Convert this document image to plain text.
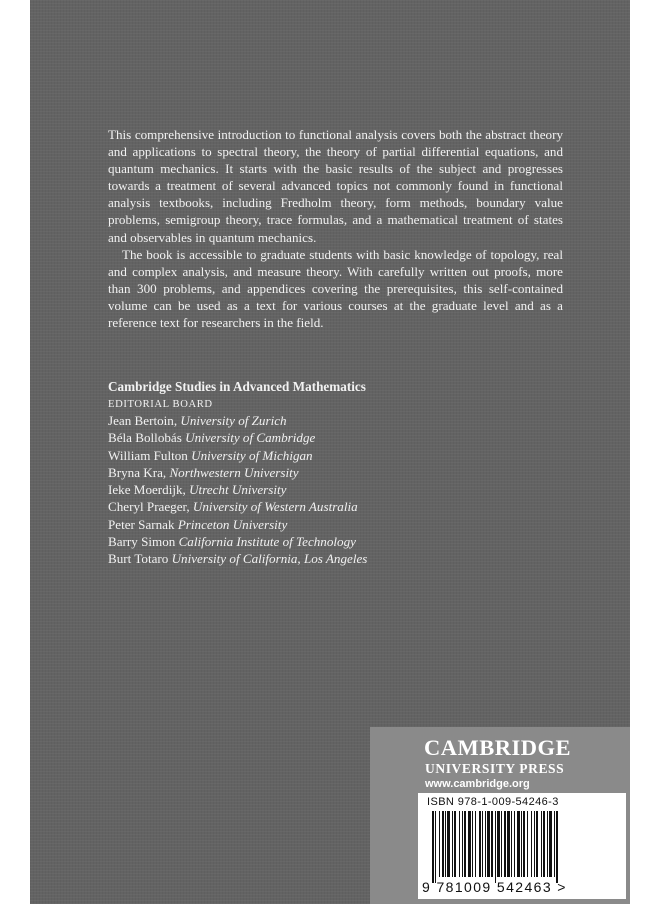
This comprehensive introduction to functional analysis covers both the abstract theory and applications to spectral theory, the theory of partial differential equations, and quantum mechanics. It starts with the basic results of the subject and progresses towards a treatment of several advanced topics not commonly found in functional analysis textbooks, including Fredholm theory, form methods, boundary value problems, semigroup theory, trace formulas, and a mathematical treatment of states and observables in quantum mechanics.

The book is accessible to graduate students with basic knowledge of topology, real and complex analysis, and measure theory. With carefully written out proofs, more than 300 problems, and appendices covering the prerequisites, this self-contained volume can be used as a text for various courses at the graduate level and as a reference text for researchers in the field.

Cambridge Studies in Advanced Mathematics
EDITORIAL BOARD
Jean Bertoin, University of Zurich
Béla Bollobás University of Cambridge
William Fulton University of Michigan
Bryna Kra, Northwestern University
Ieke Moerdijk, Utrecht University
Cheryl Praeger, University of Western Australia
Peter Sarnak Princeton University
Barry Simon California Institute of Technology
Burt Totaro University of California, Los Angeles
CAMBRIDGE
UNIVERSITY PRESS
www.cambridge.org
ISBN 978-1-009-54246-3
9 781009 542463 >
